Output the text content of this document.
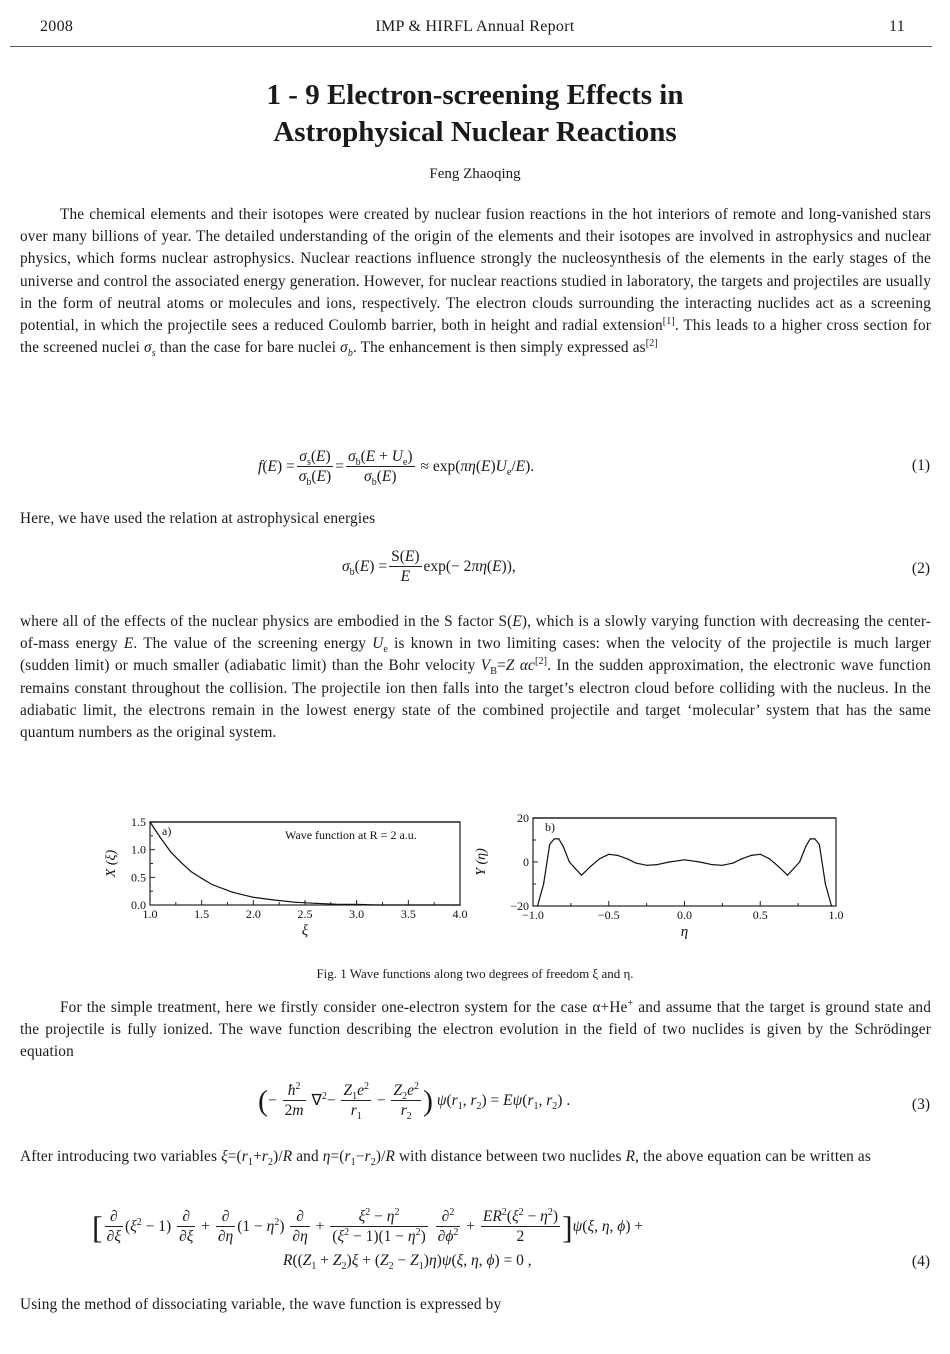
2008	IMP & HIRFL Annual Report	11
1 - 9 Electron-screening Effects in
Astrophysical Nuclear Reactions
Feng Zhaoqing

The chemical elements and their isotopes were created by nuclear fusion reactions in the hot interiors of remote and long-vanished stars over many billions of year. The detailed understanding of the origin of the elements and their isotopes are involved in astrophysics and nuclear physics, which forms nuclear astrophysics. Nuclear reactions influence strongly the nucleosynthesis of the elements in the early stages of the universe and control the associated energy generation. However, for nuclear reactions studied in laboratory, the targets and projectiles are usually in the form of neutral atoms or molecules and ions, respectively. The electron clouds surrounding the interacting nuclides act as a screening potential, in which the projectile sees a reduced Coulomb barrier, both in height and radial extension[1]. This leads to a higher cross section for the screened nuclei $\sigma_s$ than the case for bare nuclei $\sigma_b$. The enhancement is then simply expressed as[2]

$f(E) = \frac{\sigma_s(E)}{\sigma_b(E)} = \frac{\sigma_b(E + U_e)}{\sigma_b(E)} \approx \exp(\pi\eta(E)U_e/E)$.	(1)

Here, we have used the relation at astrophysical energies

$\sigma_b(E) = \frac{S(E)}{E} \exp(- 2\pi\eta(E))$,	(2)

where all of the effects of the nuclear physics are embodied in the S factor S(E), which is a slowly varying function with decreasing the center-of-mass energy E. The value of the screening energy $U_e$ is known in two limiting cases: when the velocity of the projectile is much larger (sudden limit) or much smaller (adiabatic limit) than the Bohr velocity $V_B=Z$ αc[2]. In the sudden approximation, the electronic wave function remains constant throughout the collision. The projectile ion then falls into the target’s electron cloud before colliding with the nucleus. In the adiabatic limit, the electrons remain in the lowest energy state of the combined projectile and target ‘molecular’ system that has the same quantum numbers as the original system.

1.0	1.5	2.0	2.5	3.0	3.5	4.0
0.0
0.5
1.0
1.5
a)	Wave function at R = 2 a.u.
ξ
X (ξ)
−1.0	−0.5	0.0	0.5	1.0
−20
0
20
b)
η
Y (η)
Fig. 1 Wave functions along two degrees of freedom ξ and η.

For the simple treatment, here we firstly consider one-electron system for the case α+He+ and assume that the target is ground state and the projectile is fully ionized. The wave function describing the electron evolution in the field of two nuclides is given by the Schrödinger equation

(− $\frac{ħ^2}{2m} \nabla^2- \frac{Z_1e^2}{r_1} - \frac{Z_2e^2}{r_2}$ ) $\psi(r_1$, $r_2) = E\psi(r_1$, $r_2$) .	(3)

After introducing two variables $\xi=(r_1+r_2)/R$ and $\eta=(r_1-r_2)/R$ with distance between two nuclides R, the above equation can be written as

[ $\frac{\partial}{\partial\xi} (\xi^2 - 1) \frac{\partial}{\partial\xi} + \frac{\partial}{\partial\eta} (1 - \eta^2) \frac{\partial}{\partial\eta} + \frac{\xi^2 - \eta^2}{(\xi^2 - 1)(1 - \eta^2)}$
$\frac{\partial^2}{\partial\phi^2} + \frac{ER^2(\xi^2 - \eta^2)}{2} ]\psi(\xi$, η, ϕ) +
$R((Z_1 + Z_2)\xi + (Z_2 - Z_1)\eta)\psi(\xi$, η, ϕ) = 0 ,	(4)

Using the method of dissociating variable, the wave function is expressed by
